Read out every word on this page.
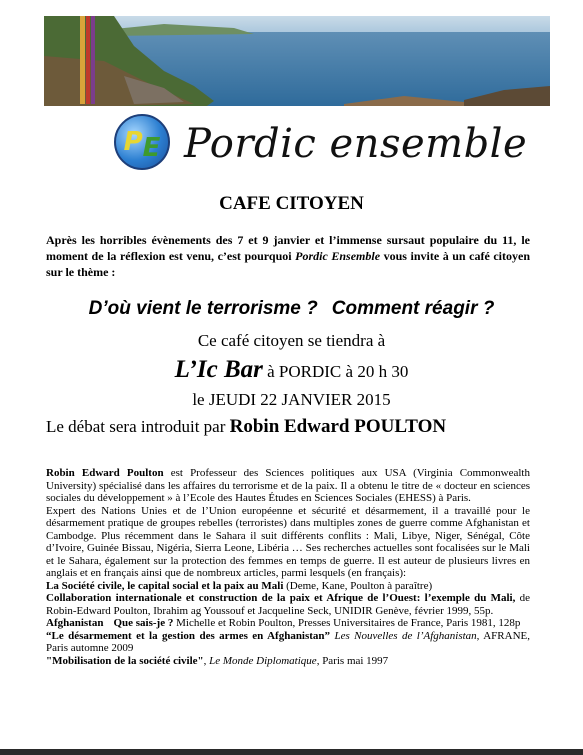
PE Pordic ensemble
CAFE CITOYEN
Après les horribles évènements des 7 et 9 janvier et l’immense sursaut populaire du 11, le moment de la réflexion est venu, c’est pourquoi Pordic Ensemble vous invite à un café citoyen sur le thème :
D’où vient le terrorisme ? Comment réagir ?
Ce café citoyen se tiendra à
L’Ic Bar à PORDIC à 20 h 30
le JEUDI 22 JANVIER 2015
Le débat sera introduit par Robin Edward POULTON

Robin Edward Poulton est Professeur des Sciences politiques aux USA (Virginia Commonwealth University) spécialisé dans les affaires du terrorisme et de la paix. Il a obtenu le titre de « docteur en sciences sociales du développement » à l’Ecole des Hautes Études en Sciences Sociales (EHESS) à Paris.

Expert des Nations Unies et de l’Union européenne et sécurité et désarmement, il a travaillé pour le désarmement pratique de groupes rebelles (terroristes) dans multiples zones de guerre comme Afghanistan et Cambodge. Plus récemment dans le Sahara il suit différents conflits : Mali, Libye, Niger, Sénégal, Côte d’Ivoire, Guinée Bissau, Nigéria, Sierra Leone, Libéria … Ses recherches actuelles sont focalisées sur le Mali et le Sahara, également sur la protection des femmes en temps de guerre. Il est auteur de plusieurs livres en anglais et en français ainsi que de nombreux articles, parmi lesquels (en français):

La Société civile, le capital social et la paix au Mali (Deme, Kane, Poulton à paraître)

Collaboration internationale et construction de la paix et Afrique de l’Ouest: l’exemple du Mali, de Robin-Edward Poulton, Ibrahim ag Youssouf et Jacqueline Seck, UNIDIR Genève, février 1999, 55p.

Afghanistan Que sais-je ? Michelle et Robin Poulton, Presses Universitaires de France, Paris 1981, 128p

“Le désarmement et la gestion des armes en Afghanistan” Les Nouvelles de l’Afghanistan, AFRANE, Paris automne 2009

"Mobilisation de la société civile", Le Monde Diplomatique, Paris mai 1997
